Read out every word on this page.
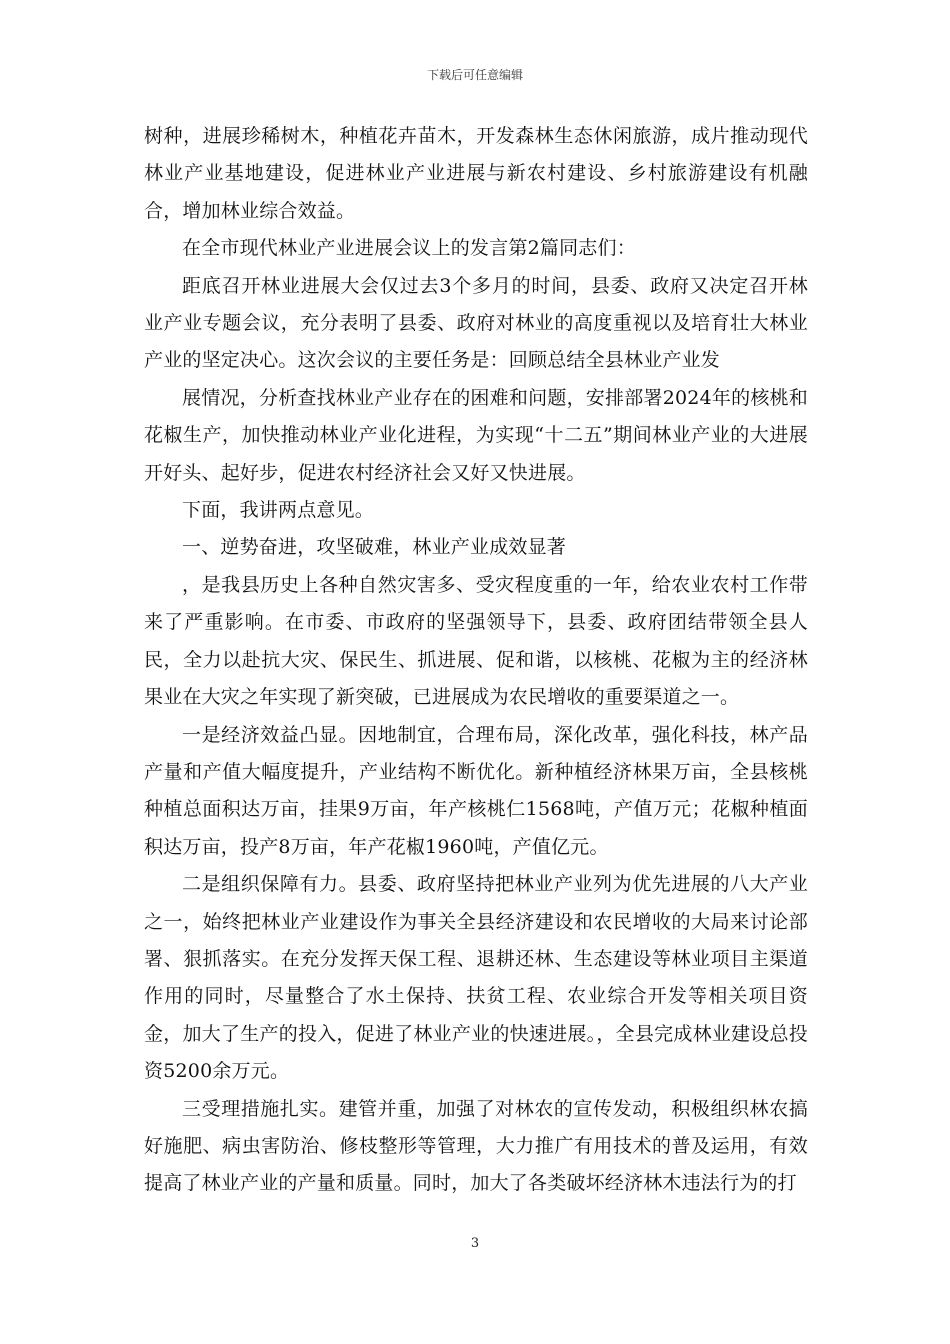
下载后可任意编辑

树种，进展珍稀树木，种植花卉苗木，开发森林生态休闲旅游，成片推动现代林业产业基地建设，促进林业产业进展与新农村建设、乡村旅游建设有机融合，增加林业综合效益。

在全市现代林业产业进展会议上的发言第2篇同志们：

距底召开林业进展大会仅过去3个多月的时间，县委、政府又决定召开林业产业专题会议，充分表明了县委、政府对林业的高度重视以及培育壮大林业产业的坚定决心。这次会议的主要任务是：回顾总结全县林业产业发

展情况，分析查找林业产业存在的困难和问题，安排部署2024年的核桃和花椒生产，加快推动林业产业化进程，为实现“十二五”期间林业产业的大进展开好头、起好步，促进农村经济社会又好又快进展。

下面，我讲两点意见。

一、逆势奋进，攻坚破难，林业产业成效显著

，是我县历史上各种自然灾害多、受灾程度重的一年，给农业农村工作带来了严重影响。在市委、市政府的坚强领导下，县委、政府团结带领全县人民，全力以赴抗大灾、保民生、抓进展、促和谐，以核桃、花椒为主的经济林果业在大灾之年实现了新突破，已进展成为农民增收的重要渠道之一。

一是经济效益凸显。因地制宜，合理布局，深化改革，强化科技，林产品产量和产值大幅度提升，产业结构不断优化。新种植经济林果万亩，全县核桃种植总面积达万亩，挂果9万亩，年产核桃仁1568吨，产值万元；花椒种植面积达万亩，投产8万亩，年产花椒1960吨，产值亿元。

二是组织保障有力。县委、政府坚持把林业产业列为优先进展的八大产业之一，始终把林业产业建设作为事关全县经济建设和农民增收的大局来讨论部署、狠抓落实。在充分发挥天保工程、退耕还林、生态建设等林业项目主渠道作用的同时，尽量整合了水土保持、扶贫工程、农业综合开发等相关项目资金，加大了生产的投入，促进了林业产业的快速进展。，全县完成林业建设总投资5200余万元。

三受理措施扎实。建管并重，加强了对林农的宣传发动，积极组织林农搞好施肥、病虫害防治、修枝整形等管理，大力推广有用技术的普及运用，有效提高了林业产业的产量和质量。同时，加大了各类破坏经济林木违法行为的打

3
